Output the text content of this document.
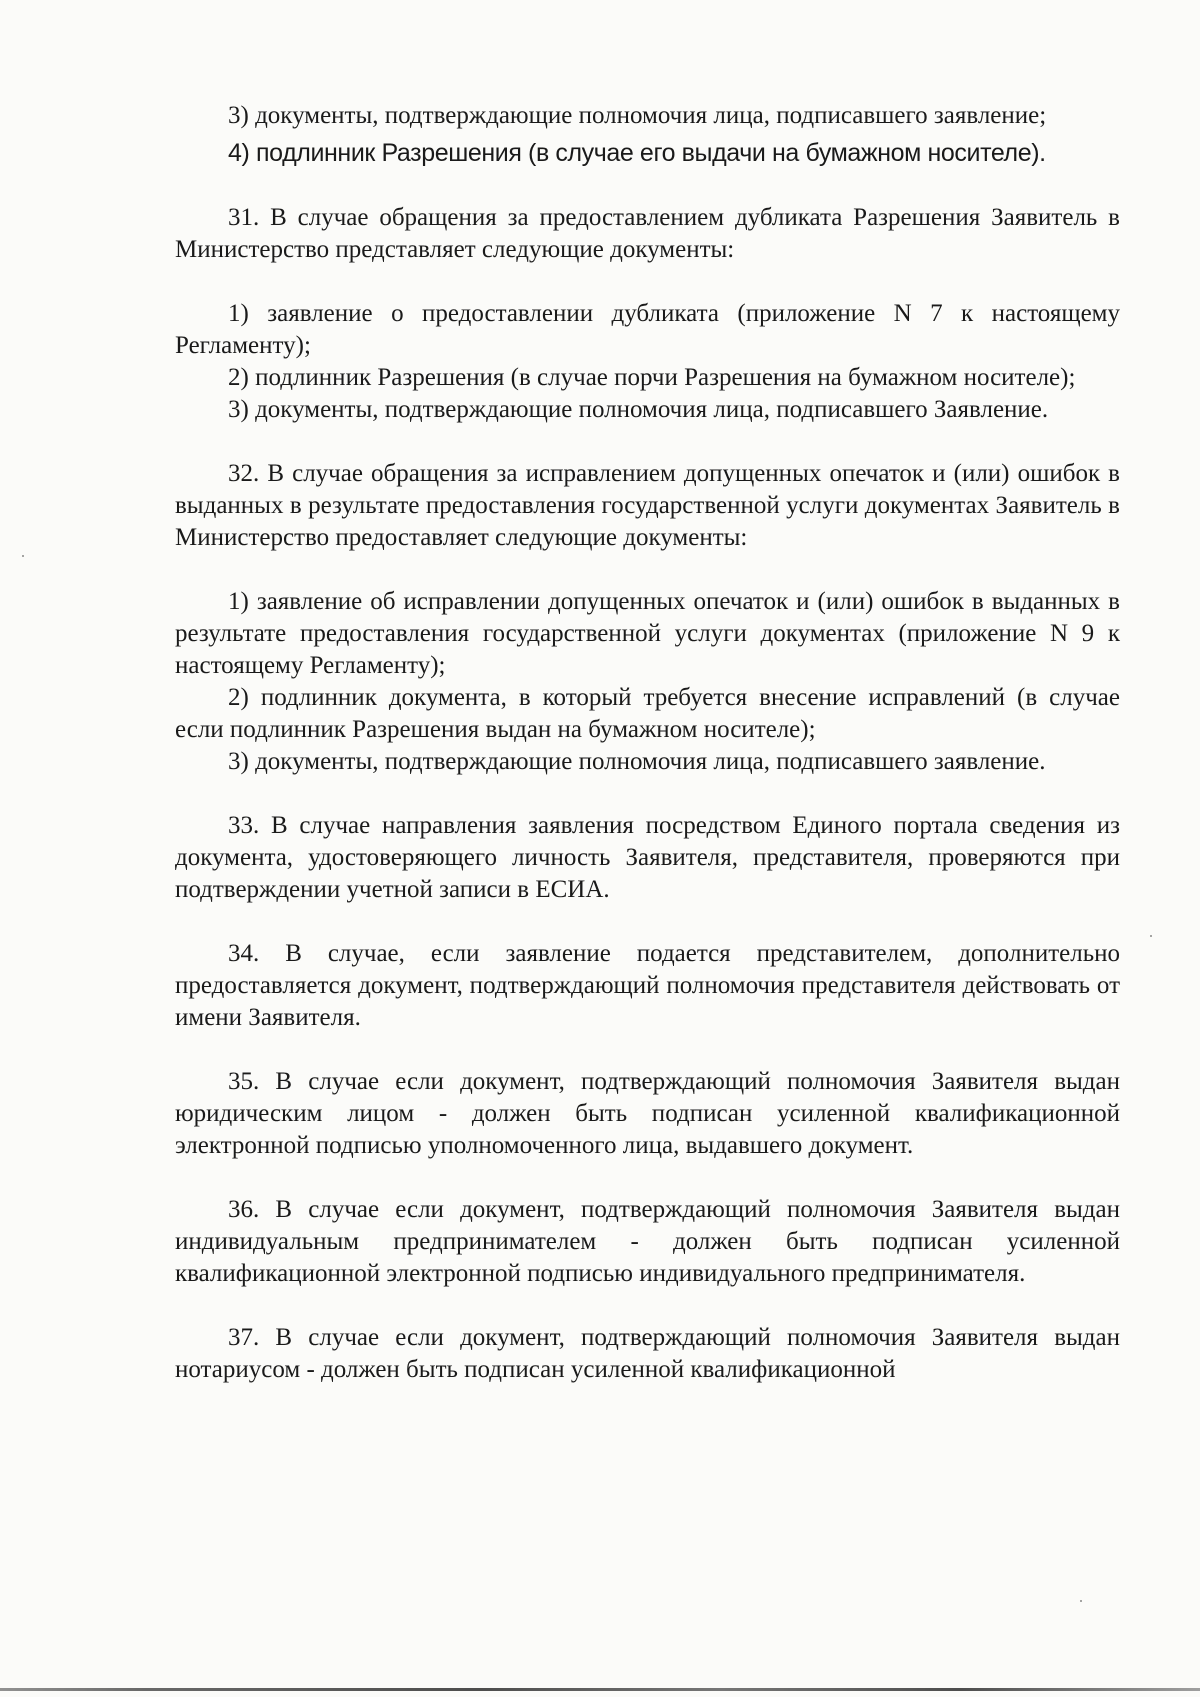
3) документы, подтверждающие полномочия лица, подписавшего заявление;

4) подлинник Разрешения (в случае его выдачи на бумажном носителе).

31. В случае обращения за предоставлением дубликата Разрешения Заявитель в Министерство представляет следующие документы:

1) заявление о предоставлении дубликата (приложение N 7 к настоящему Регламенту);

2) подлинник Разрешения (в случае порчи Разрешения на бумажном носителе);

3) документы, подтверждающие полномочия лица, подписавшего Заявление.

32. В случае обращения за исправлением допущенных опечаток и (или) ошибок в выданных в результате предоставления государственной услуги документах Заявитель в Министерство предоставляет следующие документы:

1) заявление об исправлении допущенных опечаток и (или) ошибок в выданных в результате предоставления государственной услуги документах (приложение N 9 к настоящему Регламенту);

2) подлинник документа, в который требуется внесение исправлений (в случае если подлинник Разрешения выдан на бумажном носителе);

3) документы, подтверждающие полномочия лица, подписавшего заявление.

33. В случае направления заявления посредством Единого портала сведения из документа, удостоверяющего личность Заявителя, представителя, проверяются при подтверждении учетной записи в ЕСИА.

34. В случае, если заявление подается представителем, дополнительно предоставляется документ, подтверждающий полномочия представителя действовать от имени Заявителя.

35. В случае если документ, подтверждающий полномочия Заявителя выдан юридическим лицом - должен быть подписан усиленной квалификационной электронной подписью уполномоченного лица, выдавшего документ.

36. В случае если документ, подтверждающий полномочия Заявителя выдан индивидуальным предпринимателем - должен быть подписан усиленной квалификационной электронной подписью индивидуального предпринимателя.

37. В случае если документ, подтверждающий полномочия Заявителя выдан нотариусом - должен быть подписан усиленной квалификационной
